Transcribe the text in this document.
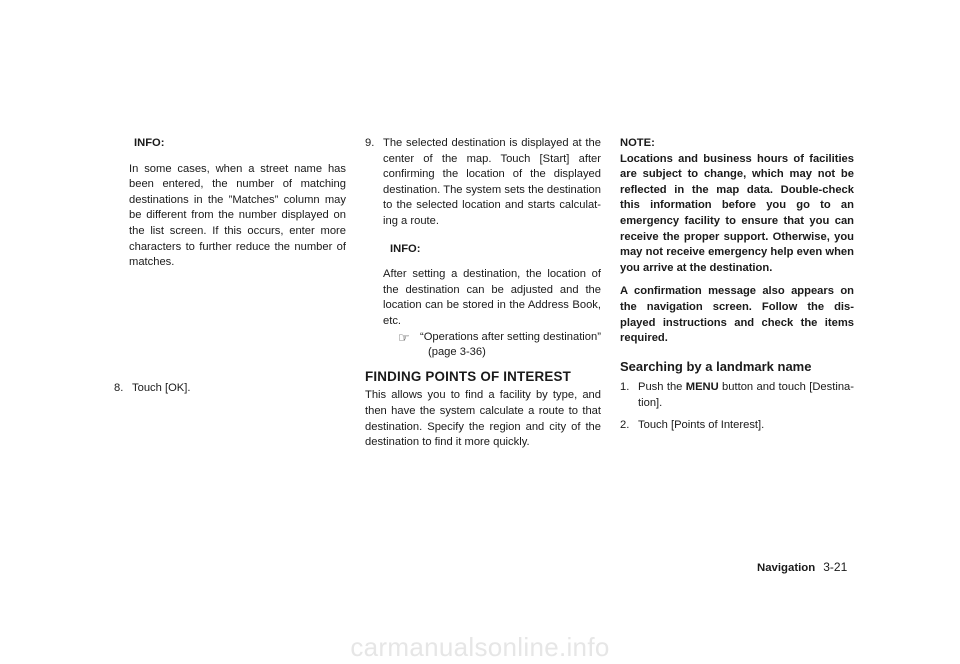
INFO:

In some cases, when a street name has been entered, the number of matching destinations in the ”Matches” column may be different from the number displayed on the list screen. If this occurs, enter more characters to further reduce the number of matches.

8. Touch [OK].
9. The selected destination is displayed at the center of the map. Touch [Start] after confirming the location of the displayed destination. The system sets the destination to the selected location and starts calculat-ing a route.
INFO:

After setting a destination, the location of the destination can be adjusted and the location can be stored in the Address Book, etc.

☞ “Operations after setting destination”
(page 3-36)
FINDING POINTS OF INTEREST

This allows you to find a facility by type, and then have the system calculate a route to that destination. Specify the region and city of the destination to find it more quickly.

NOTE:

Locations and business hours of facilities are subject to change, which may not be reflected in the map data. Double-check this information before you go to an emergency facility to ensure that you can receive the proper support. Otherwise, you may not receive emergency help even when you arrive at the destination.

A confirmation message also appears on the navigation screen. Follow the dis-played instructions and check the items required.

Searching by a landmark name
1. Push the MENU button and touch [Destina-tion].
2. Touch [Points of Interest].
Navigation 3-21
carmanualsonline.info
